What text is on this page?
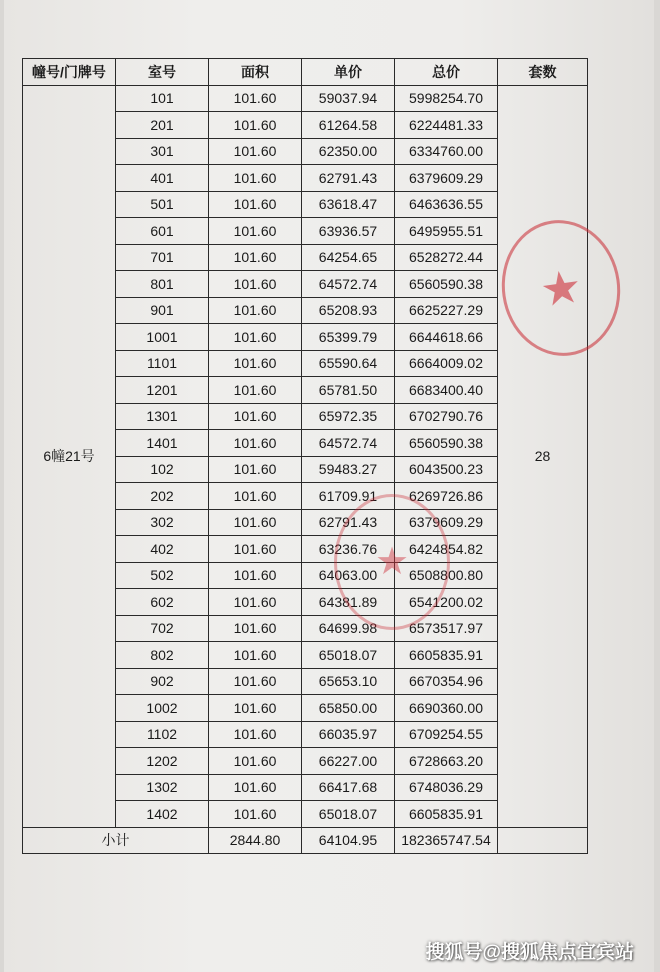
幢号/门牌号	室号	面积	单价	总价	套数
6幢21号	101	101.60	59037.94	5998254.70	28
	201	101.60	61264.58	6224481.33	
	301	101.60	62350.00	6334760.00	
	401	101.60	62791.43	6379609.29	
	501	101.60	63618.47	6463636.55	
	601	101.60	63936.57	6495955.51	
	701	101.60	64254.65	6528272.44	
	801	101.60	64572.74	6560590.38	
	901	101.60	65208.93	6625227.29	
	1001	101.60	65399.79	6644618.66	
	1101	101.60	65590.64	6664009.02	
	1201	101.60	65781.50	6683400.40	
	1301	101.60	65972.35	6702790.76	
	1401	101.60	64572.74	6560590.38	
	102	101.60	59483.27	6043500.23	
	202	101.60	61709.91	6269726.86	
	302	101.60	62791.43	6379609.29	
	402	101.60	63236.76	6424854.82	
	502	101.60	64063.00	6508800.80	
	602	101.60	64381.89	6541200.02	
	702	101.60	64699.98	6573517.97	
	802	101.60	65018.07	6605835.91	
	902	101.60	65653.10	6670354.96	
	1002	101.60	65850.00	6690360.00	
	1102	101.60	66035.97	6709254.55	
	1202	101.60	66227.00	6728663.20	
	1302	101.60	66417.68	6748036.29	
	1402	101.60	65018.07	6605835.91	
小计		2844.80	64104.95	182365747.54	
★
★
搜狐号@搜狐焦点宜宾站
